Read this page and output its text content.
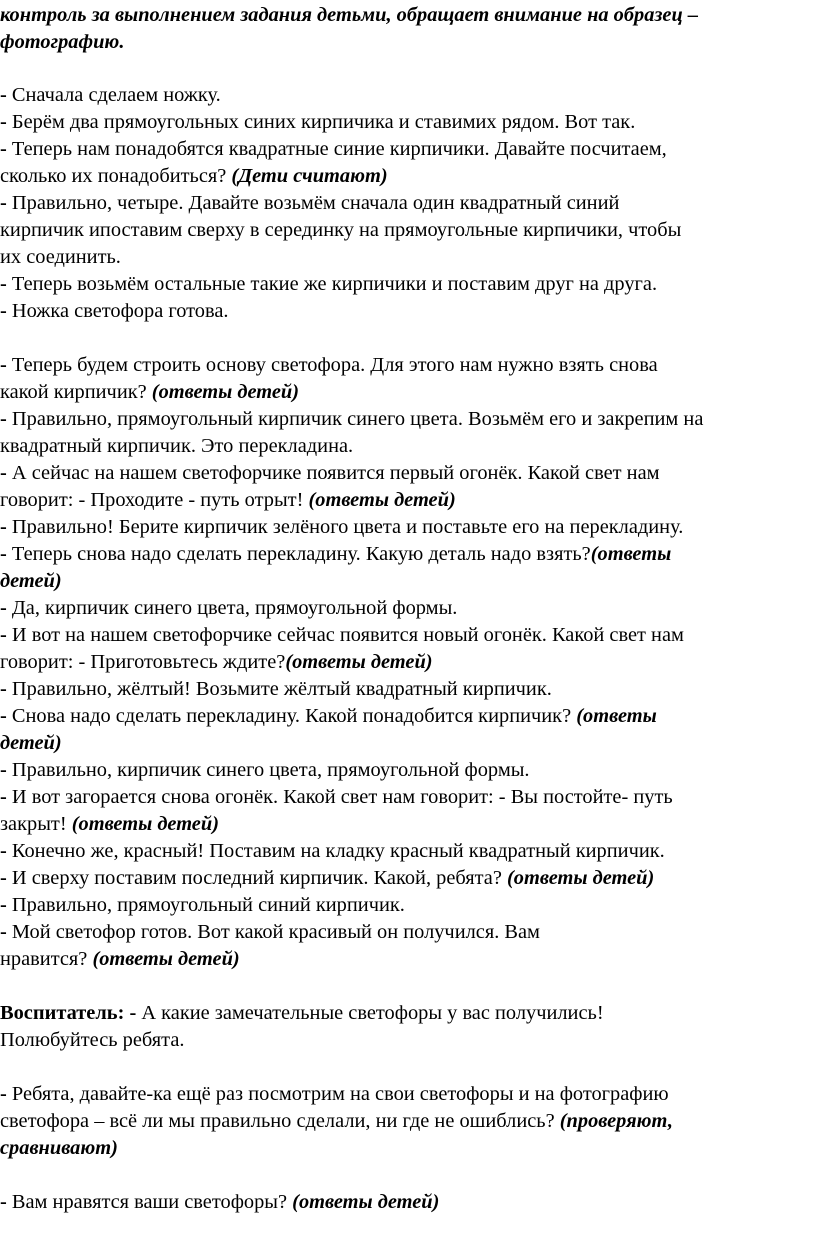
контроль за выполнением задания детьми, обращает внимание на образец –
фотографию.
- Сначала сделаем ножку.
- Берём два прямоугольных синих кирпичика и ставимих рядом. Вот так.
- Теперь нам понадобятся квадратные синие кирпичики. Давайте посчитаем,
сколько их понадобиться? (Дети считают)
- Правильно, четыре. Давайте возьмём сначала один квадратный синий
кирпичик ипоставим сверху в серединку на прямоугольные кирпичики, чтобы
их соединить.
- Теперь возьмём остальные такие же кирпичики и поставим друг на друга.
- Ножка светофора готова.
- Теперь будем строить основу светофора. Для этого нам нужно взять снова
какой кирпичик? (ответы детей)
- Правильно, прямоугольный кирпичик синего цвета. Возьмём его и закрепим на
квадратный кирпичик. Это перекладина.
- А сейчас на нашем светофорчике появится первый огонёк. Какой свет нам
говорит: - Проходите - путь отрыт! (ответы детей)
- Правильно! Берите кирпичик зелёного цвета и поставьте его на перекладину.
- Теперь снова надо сделать перекладину. Какую деталь надо взять?(ответы
детей)
- Да, кирпичик синего цвета, прямоугольной формы.
- И вот на нашем светофорчике сейчас появится новый огонёк. Какой свет нам
говорит: - Приготовьтесь ждите?(ответы детей)
- Правильно, жёлтый! Возьмите жёлтый квадратный кирпичик.
- Снова надо сделать перекладину. Какой понадобится кирпичик? (ответы
детей)
- Правильно, кирпичик синего цвета, прямоугольной формы.
- И вот загорается снова огонёк. Какой свет нам говорит: - Вы постойте- путь
закрыт! (ответы детей)
- Конечно же, красный! Поставим на кладку красный квадратный кирпичик.
- И сверху поставим последний кирпичик. Какой, ребята? (ответы детей)
- Правильно, прямоугольный синий кирпичик.
- Мой светофор готов. Вот какой красивый он получился. Вам
нравится? (ответы детей)
Воспитатель: - А какие замечательные светофоры у вас получились!
Полюбуйтесь ребята.
- Ребята, давайте-ка ещё раз посмотрим на свои светофоры и на фотографию
светофора – всё ли мы правильно сделали, ни где не ошиблись? (проверяют,
сравнивают)
- Вам нравятся ваши светофоры? (ответы детей)
